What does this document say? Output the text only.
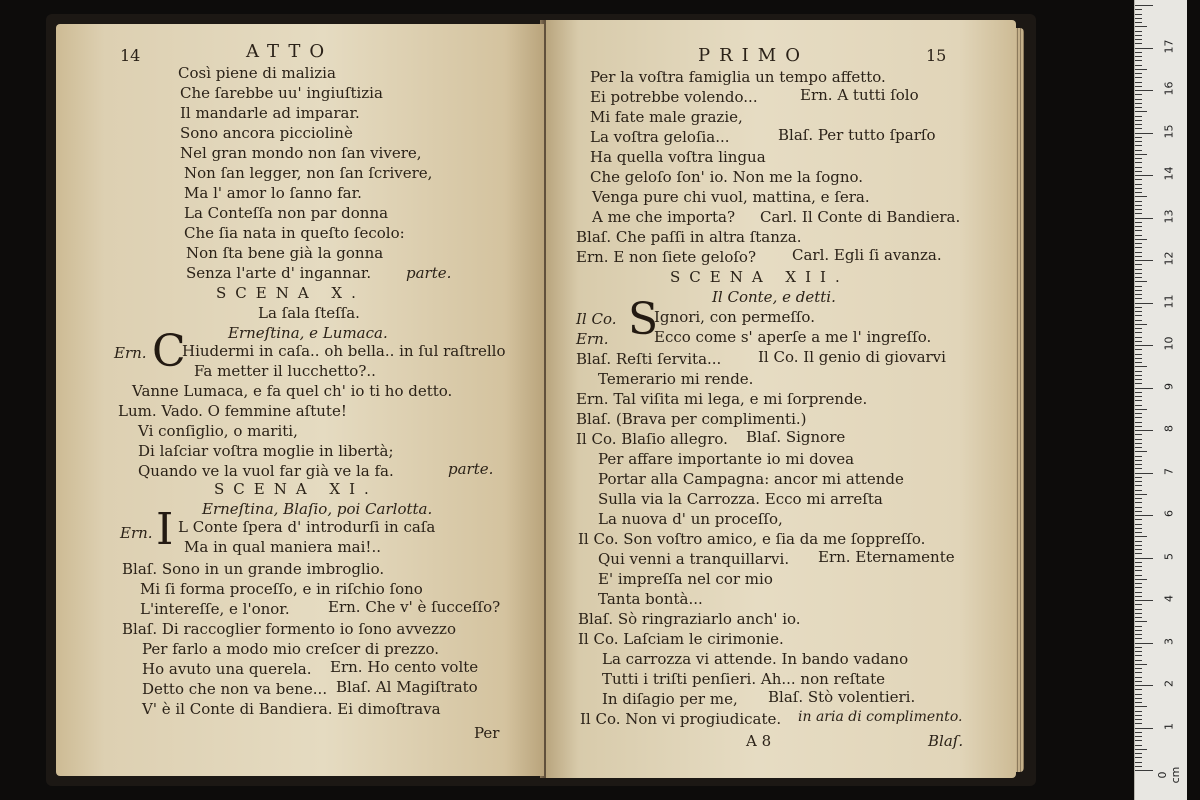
14	ATTO
Così piene di malizia
Che ſarebbe uu' ingiuſtizia
Il mandarle ad imparar.
Sono ancora picciolinè
Nel gran mondo non ſan vivere,
Non ſan legger, non ſan ſcrivere,
Ma l' amor lo ſanno far.
La Conteſſa non par donna
Che ſia nata in queſto ſecolo:
Non ſta bene già la gonna
Senza l'arte d' ingannar. parte.
SCENA X.
La ſala ſteſſa.
Erneſtina, e Lumaca.
Ern. C
Hiudermi in caſa.. oh bella.. in ſul raſtrello
Fa metter il lucchetto?..
Vanne Lumaca, e fa quel ch' io ti ho detto.
Lum. Vado. O femmine aſtute!
Vi conſiglio, o mariti,
Di laſciar voſtra moglie in libertà;
Quando ve la vuol far già ve la fa.	parte.
SCENA XI.
Erneſtina, Blaſio, poi Carlotta.
Ern. I L Conte ſpera d' introdurſi in caſa
Ma in qual maniera mai!..
Blaſ. Sono in un grande imbroglio.
Mi ſi forma proceſſo, e in riſchio ſono
L'intereſſe, e l'onor.	Ern. Che v' è ſucceſſo?
Blaſ. Di raccoglier formento io ſono avvezzo
Per farlo a modo mio creſcer di prezzo.
Ho avuto una querela. Ern. Ho cento volte
Detto che non va bene... Blaſ. Al Magiſtrato
V' è il Conte di Bandiera. Ei dimoſtrava
Per
PRIMO	15
Per la voſtra famiglia un tempo affetto.
Ei potrebbe volendo...	Ern. A tutti ſolo
Mi fate male grazie,
La voſtra geloſia...	Blaſ. Per tutto ſparſo
Ha quella voſtra lingua
Che geloſo ſon' io. Non me la ſogno.
Venga pure chi vuol, mattina, e ſera.
A me che importa? Carl. Il Conte di Bandiera.
Blaſ. Che paſſi in altra ſtanza.
Ern. E non ſiete geloſo? Carl. Egli ſi avanza.
SCENA XII.
Il Conte, e detti.
Il Co. S
Ignori, con permeſſo.
Ern.	Ecco come s' aperſe a me l' ingreſſo.
Blaſ. Reſti ſervita... Il Co. Il genio di giovarvi
Temerario mi rende.
Ern. Tal viſita mi lega, e mi ſorprende.
Blaſ. (Brava per complimenti.)
Il Co. Blaſio allegro. Blaſ. Signore
Per affare importante io mi dovea
Portar alla Campagna: ancor mi attende
Sulla via la Carrozza. Ecco mi arreſta
La nuova d' un proceſſo,
Il Co. Son voſtro amico, e ſia da me ſoppreſſo.
Qui venni a tranquillarvi. Ern. Eternamente
E' impreſſa nel cor mio
Tanta bontà...
Blaſ. Sò ringraziarlo anch' io.
Il Co. Laſciam le cirimonie.
La carrozza vi attende. In bando vadano
Tutti i triſti penſieri. Ah... non reſtate
In diſagio per me, Blaſ. Stò volentieri.
Il Co. Non vi progiudicate. in aria di complimento.
A 8	Blaſ.
0 cm
1
2
3
4
5
6
7
8
9
10
11
12
13
14
15
16
17
